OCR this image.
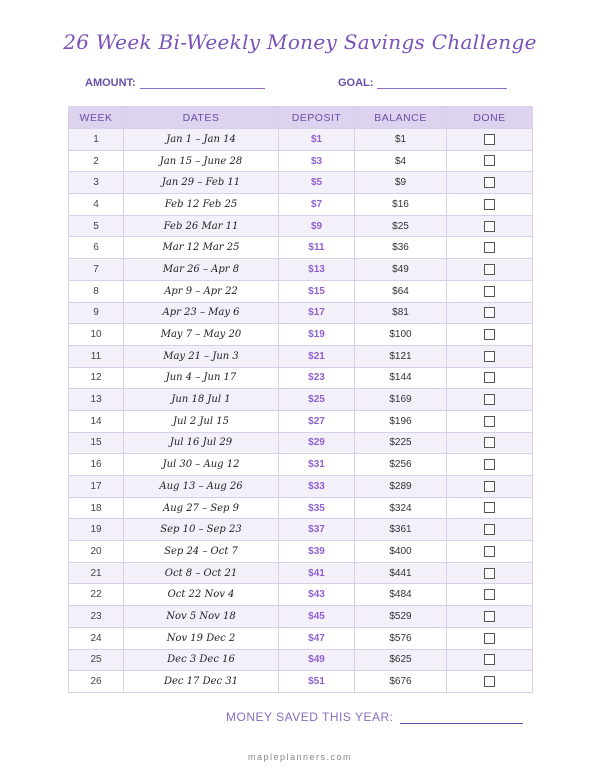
26 Week Bi-Weekly Money Savings Challenge
AMOUNT:	GOAL:
WEEK	DATES	DEPOSIT	BALANCE	DONE
1	Jan 1 – Jan 14	$1	$1	
2	Jan 15 – June 28	$3	$4	
3	Jan 29 – Feb 11	$5	$9	
4	Feb 12 Feb 25	$7	$16	
5	Feb 26 Mar 11	$9	$25	
6	Mar 12 Mar 25	$11	$36	
7	Mar 26 – Apr 8	$13	$49	
8	Apr 9 – Apr 22	$15	$64	
9	Apr 23 – May 6	$17	$81	
10	May 7 – May 20	$19	$100	
11	May 21 – Jun 3	$21	$121	
12	Jun 4 – Jun 17	$23	$144	
13	Jun 18 Jul 1	$25	$169	
14	Jul 2 Jul 15	$27	$196	
15	Jul 16 Jul 29	$29	$225	
16	Jul 30 – Aug 12	$31	$256	
17	Aug 13 – Aug 26	$33	$289	
18	Aug 27 – Sep 9	$35	$324	
19	Sep 10 – Sep 23	$37	$361	
20	Sep 24 – Oct 7	$39	$400	
21	Oct 8 – Oct 21	$41	$441	
22	Oct 22 Nov 4	$43	$484	
23	Nov 5 Nov 18	$45	$529	
24	Nov 19 Dec 2	$47	$576	
25	Dec 3 Dec 16	$49	$625	
26	Dec 17 Dec 31	$51	$676	
MONEY SAVED THIS YEAR:
mapleplanners.com
